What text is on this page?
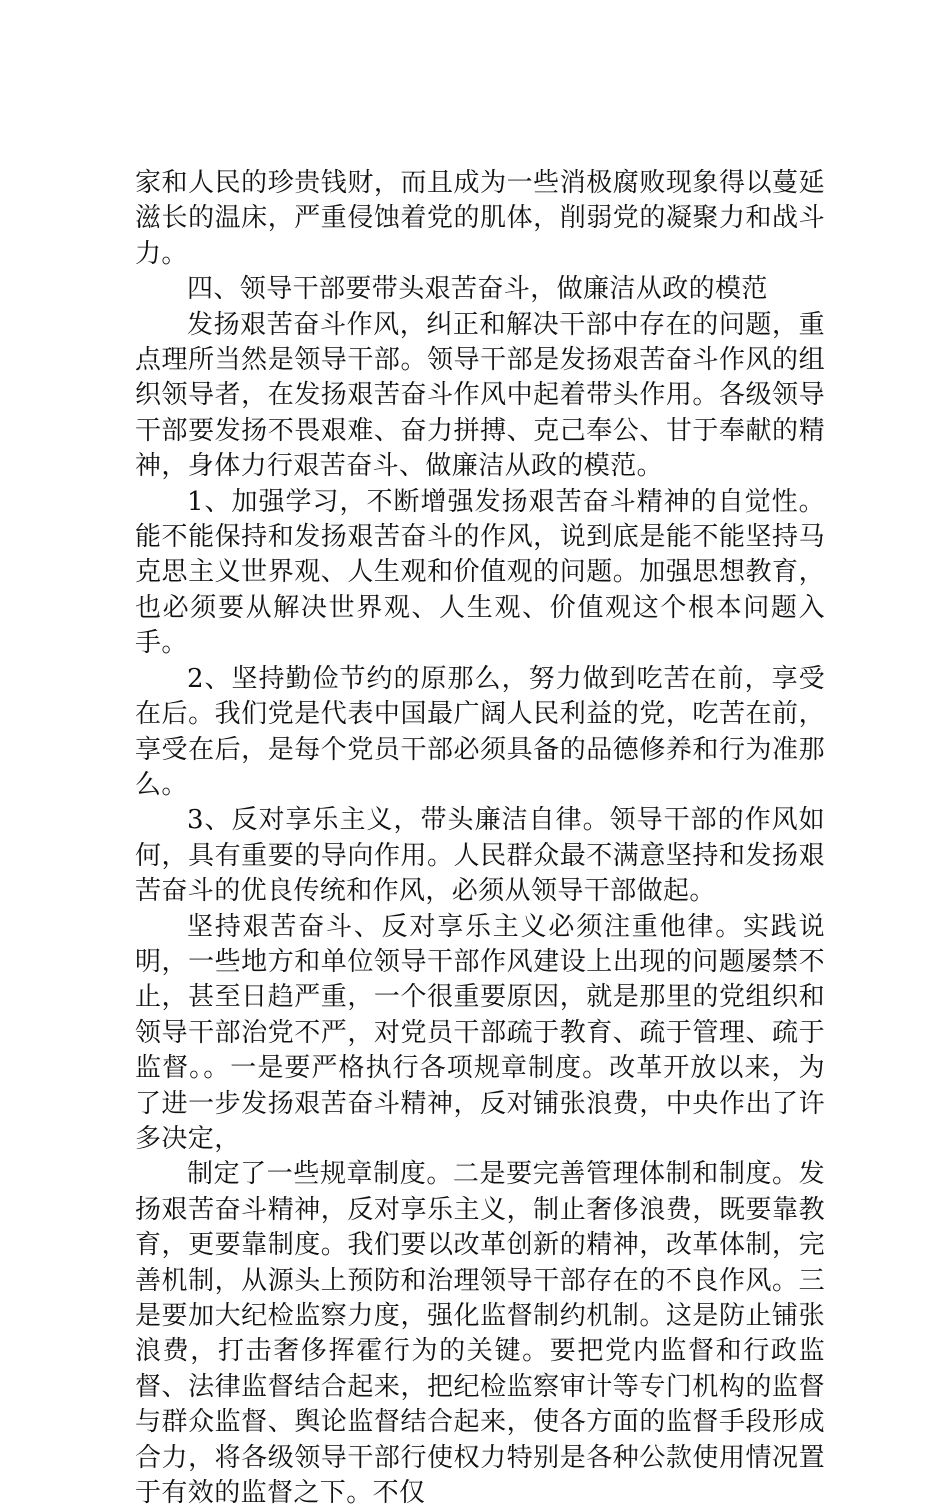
家和人民的珍贵钱财，而且成为一些消极腐败现象得以蔓延滋长的温床，严重侵蚀着党的肌体，削弱党的凝聚力和战斗力。

四、领导干部要带头艰苦奋斗，做廉洁从政的模范

发扬艰苦奋斗作风，纠正和解决干部中存在的问题，重点理所当然是领导干部。领导干部是发扬艰苦奋斗作风的组织领导者，在发扬艰苦奋斗作风中起着带头作用。各级领导干部要发扬不畏艰难、奋力拼搏、克己奉公、甘于奉献的精神，身体力行艰苦奋斗、做廉洁从政的模范。

1、加强学习，不断增强发扬艰苦奋斗精神的自觉性。能不能保持和发扬艰苦奋斗的作风，说到底是能不能坚持马克思主义世界观、人生观和价值观的问题。加强思想教育，也必须要从解决世界观、人生观、价值观这个根本问题入手。

2、坚持勤俭节约的原那么，努力做到吃苦在前，享受在后。我们党是代表中国最广阔人民利益的党，吃苦在前，享受在后，是每个党员干部必须具备的品德修养和行为准那么。

3、反对享乐主义，带头廉洁自律。领导干部的作风如何，具有重要的导向作用。人民群众最不满意坚持和发扬艰苦奋斗的优良传统和作风，必须从领导干部做起。

坚持艰苦奋斗、反对享乐主义必须注重他律。实践说明，一些地方和单位领导干部作风建设上出现的问题屡禁不止，甚至日趋严重，一个很重要原因，就是那里的党组织和领导干部治党不严，对党员干部疏于教育、疏于管理、疏于监督。。一是要严格执行各项规章制度。改革开放以来，为了进一步发扬艰苦奋斗精神，反对铺张浪费，中央作出了许多决定，

制定了一些规章制度。二是要完善管理体制和制度。发扬艰苦奋斗精神，反对享乐主义，制止奢侈浪费，既要靠教育，更要靠制度。我们要以改革创新的精神，改革体制，完善机制，从源头上预防和治理领导干部存在的不良作风。三是要加大纪检监察力度，强化监督制约机制。这是防止铺张浪费，打击奢侈挥霍行为的关键。要把党内监督和行政监督、法律监督结合起来，把纪检监察审计等专门机构的监督与群众监督、舆论监督结合起来，使各方面的监督手段形成合力，将各级领导干部行使权力特别是各种公款使用情况置于有效的监督之下。不仅
